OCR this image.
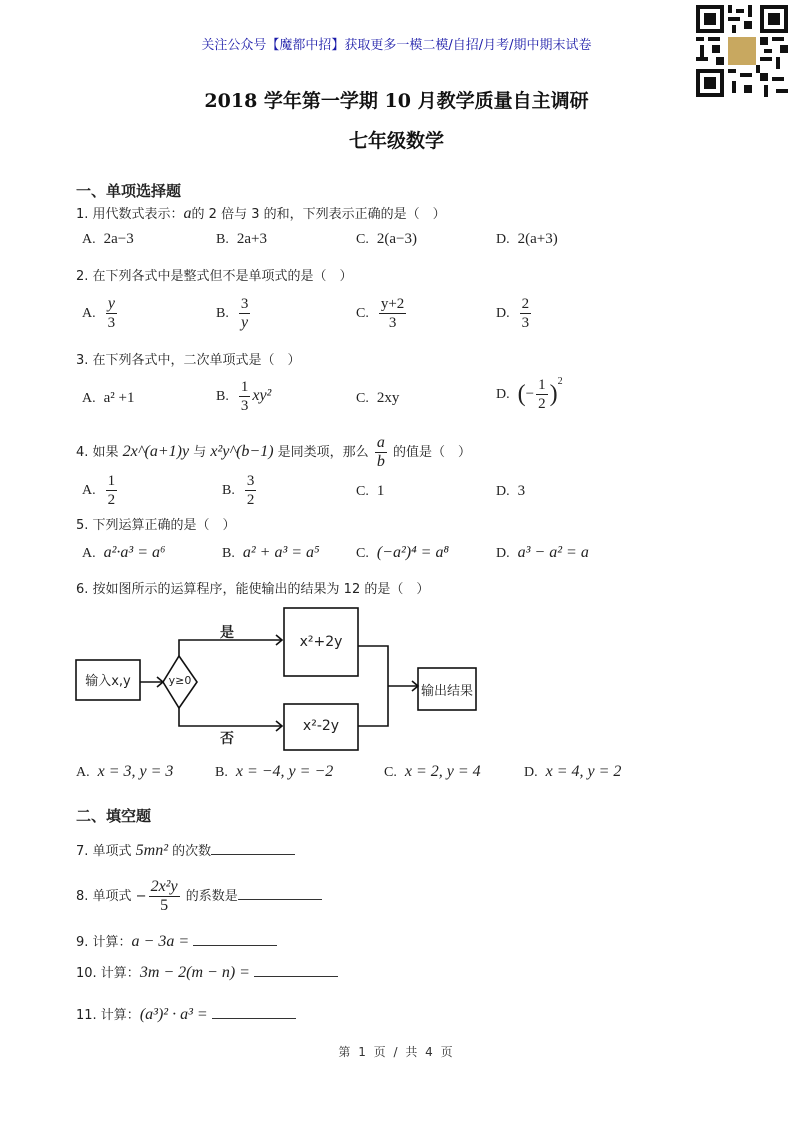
关注公众号【魔都中招】获取更多一模二模/自招/月考/期中期末试卷
2018 学年第一学期 10 月教学质量自主调研
七年级数学
一、单项选择题
1. 用代数式表示：a的 2 倍与 3 的和，下列表示正确的是（　）
A. 2a−3	B. 2a+3	C. 2(a−3)	D. 2(a+3)
2. 在下列各式中是整式但不是单项式的是（　）
A. $\frac{y}{3}$	B. $\frac{3}{y}$	C. $\frac{y+2}{3}$	D. $\frac{2}{3}$
3. 在下列各式中，二次单项式是（　）
A. a² +1	B. $\frac{1}{3} xy^2$	C. 2xy	D. (− $\frac{1}{2} )^2$
4. 如果 2x^(a+1)y 与 x²y^(b−1) 是同类项，那么 $\frac{a}{b}$ 的值是（　）
A. $\frac{1}{2}$	B. $\frac{3}{2}$	C. 1	D. 3
5. 下列运算正确的是（　）
A. a²·a³ = a⁶	B. a² + a³ = a⁵	C. (−a²)⁴ = a⁸	D. a³ − a² = a
6. 按如图所示的运算程序，能使输出的结果为 12 的是（　）
输入x,y	y≥0
是
否
x²+2y
x²-2y
输出结果
A. x = 3, y = 3	B. x = −4, y = −2	C. x = 2, y = 4	D. x = 4, y = 2
二、填空题
7. 单项式 5mn² 的次数
8. 单项式 − $\frac{\text{2x²y}}{5}$ 的系数是
9. 计算：a − 3a =
10. 计算：3m − 2(m − n) =
11. 计算：(a³)² · a³ =
第 1 页 / 共 4 页
